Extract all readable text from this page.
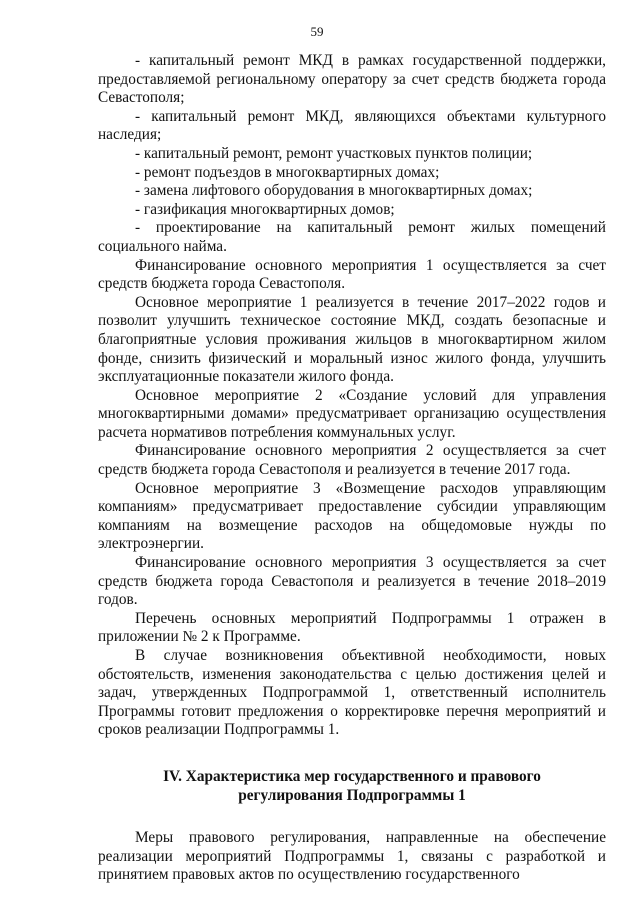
59

- капитальный ремонт МКД в рамках государственной поддержки, предоставляемой региональному оператору за счет средств бюджета города Севастополя;

- капитальный ремонт МКД, являющихся объектами культурного наследия;

- капитальный ремонт, ремонт участковых пунктов полиции;

- ремонт подъездов в многоквартирных домах;

- замена лифтового оборудования в многоквартирных домах;

- газификация многоквартирных домов;

- проектирование на капитальный ремонт жилых помещений социального найма.

Финансирование основного мероприятия 1 осуществляется за счет средств бюджета города Севастополя.

Основное мероприятие 1 реализуется в течение 2017–2022 годов и позволит улучшить техническое состояние МКД, создать безопасные и благоприятные условия проживания жильцов в многоквартирном жилом фонде, снизить физический и моральный износ жилого фонда, улучшить эксплуатационные показатели жилого фонда.

Основное мероприятие 2 «Создание условий для управления многоквартирными домами» предусматривает организацию осуществления расчета нормативов потребления коммунальных услуг.

Финансирование основного мероприятия 2 осуществляется за счет средств бюджета города Севастополя и реализуется в течение 2017 года.

Основное мероприятие 3 «Возмещение расходов управляющим компаниям» предусматривает предоставление субсидии управляющим компаниям на возмещение расходов на общедомовые нужды по электроэнергии.

Финансирование основного мероприятия 3 осуществляется за счет средств бюджета города Севастополя и реализуется в течение 2018–2019 годов.

Перечень основных мероприятий Подпрограммы 1 отражен в приложении № 2 к Программе.

В случае возникновения объективной необходимости, новых обстоятельств, изменения законодательства с целью достижения целей и задач, утвержденных Подпрограммой 1, ответственный исполнитель Программы готовит предложения о корректировке перечня мероприятий и сроков реализации Подпрограммы 1.

IV. Характеристика мер государственного и правового
регулирования Подпрограммы 1

Меры правового регулирования, направленные на обеспечение реализации мероприятий Подпрограммы 1, связаны с разработкой и принятием правовых актов по осуществлению государственного
